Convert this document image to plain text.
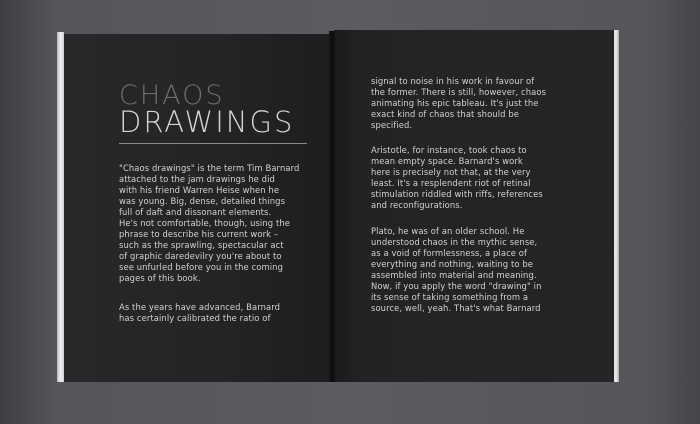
CHAOS
DRAWINGS

"Chaos drawings" is the term Tim Barnard
attached to the jam drawings he did
with his friend Warren Heise when he
was young. Big, dense, detailed things
full of daft and dissonant elements.
He's not comfortable, though, using the
phrase to describe his current work –
such as the sprawling, spectacular act
of graphic daredevilry you're about to
see unfurled before you in the coming
pages of this book.

As the years have advanced, Barnard
has certainly calibrated the ratio of

signal to noise in his work in favour of
the former. There is still, however, chaos
animating his epic tableau. It's just the
exact kind of chaos that should be
specified.

Aristotle, for instance, took chaos to
mean empty space. Barnard's work
here is precisely not that, at the very
least. It's a resplendent riot of retinal
stimulation riddled with riffs, references
and reconfigurations.

Plato, he was of an older school. He
understood chaos in the mythic sense,
as a void of formlessness, a place of
everything and nothing, waiting to be
assembled into material and meaning.
Now, if you apply the word "drawing" in
its sense of taking something from a
source, well, yeah. That's what Barnard
